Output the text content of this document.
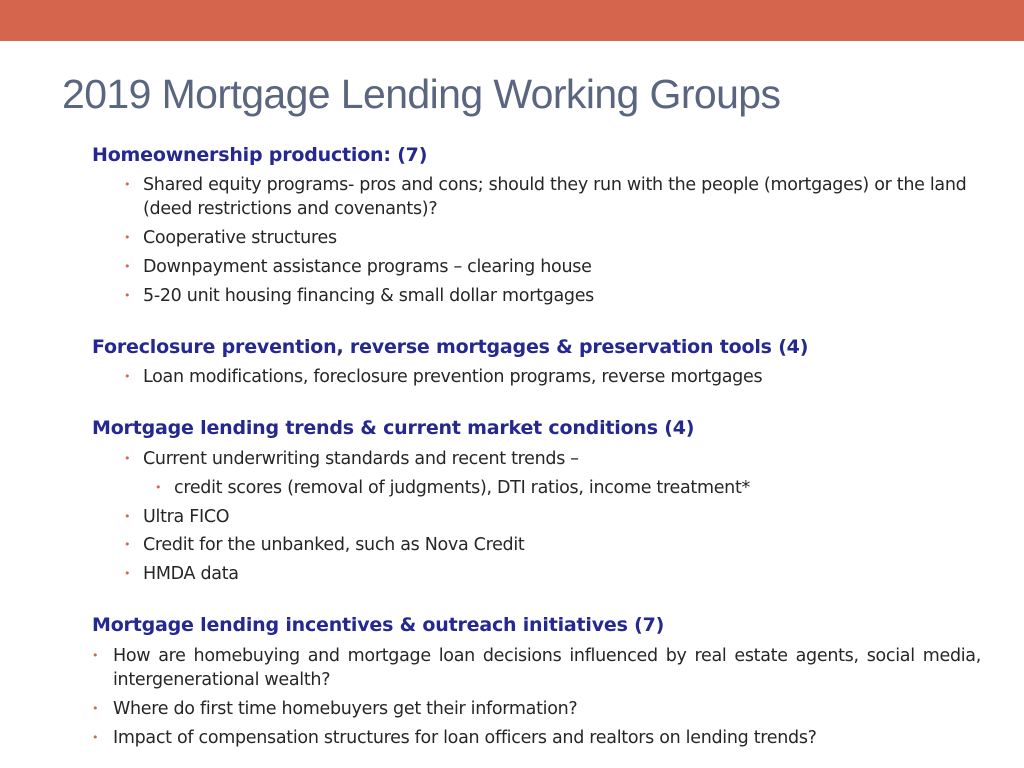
2019 Mortgage Lending Working Groups
Homeownership production: (7)
• Shared equity programs- pros and cons; should they run with the people (mortgages) or the land (deed restrictions and covenants)?
• Cooperative structures
• Downpayment assistance programs – clearing house
• 5-20 unit housing financing & small dollar mortgages
Foreclosure prevention, reverse mortgages & preservation tools (4)
• Loan modifications, foreclosure prevention programs, reverse mortgages
Mortgage lending trends & current market conditions (4)
• Current underwriting standards and recent trends –
• credit scores (removal of judgments), DTI ratios, income treatment*
• Ultra FICO
• Credit for the unbanked, such as Nova Credit
• HMDA data
Mortgage lending incentives & outreach initiatives (7)
• How are homebuying and mortgage loan decisions influenced by real estate agents, social media, intergenerational wealth?
• Where do first time homebuyers get their information?
• Impact of compensation structures for loan officers and realtors on lending trends?
